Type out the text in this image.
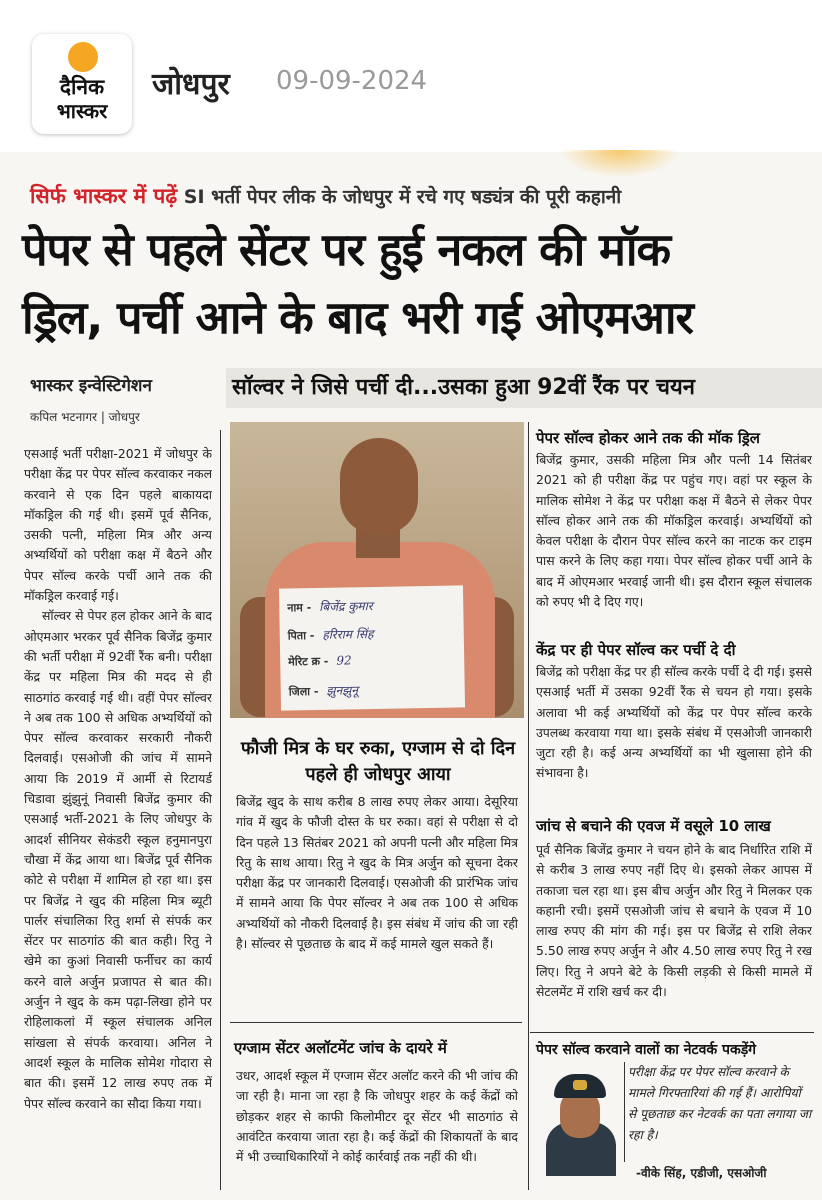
दैनिक
भास्कर
जोधपुर 09-09-2024
सिर्फ भास्कर में पढ़ें SI भर्ती पेपर लीक के जोधपुर में रचे गए षड्यंत्र की पूरी कहानी
पेपर से पहले सेंटर पर हुई नकल की मॉक
ड्रिल, पर्ची आने के बाद भरी गई ओएमआर
भास्कर इन्वेस्टिगेशन
कपिल भटनागर | जोधपुर
सॉल्वर ने जिसे पर्ची दी...उसका हुआ 92वीं रैंक पर चयन

एसआई भर्ती परीक्षा-2021 में जोधपुर के परीक्षा केंद्र पर पेपर सॉल्व करवाकर नकल करवाने से एक दिन पहले बाकायदा मॉकड्रिल की गई थी। इसमें पूर्व सैनिक, उसकी पत्नी, महिला मित्र और अन्य अभ्यर्थियों को परीक्षा कक्ष में बैठने और पेपर सॉल्व करके पर्ची आने तक की मॉकड्रिल करवाई गई।

सॉल्वर से पेपर हल होकर आने के बाद ओएमआर भरकर पूर्व सैनिक बिजेंद्र कुमार की भर्ती परीक्षा में 92वीं रैंक बनी। परीक्षा केंद्र पर महिला मित्र की मदद से ही साठगांठ करवाई गई थी। वहीं पेपर सॉल्वर ने अब तक 100 से अधिक अभ्यर्थियों को पेपर सॉल्व करवाकर सरकारी नौकरी दिलवाई। एसओजी की जांच में सामने आया कि 2019 में आर्मी से रिटायर्ड चिडावा झुंझुनूं निवासी बिजेंद्र कुमार की एसआई भर्ती-2021 के लिए जोधपुर के आदर्श सीनियर सेकंडरी स्कूल हनुमानपुरा चौखा में केंद्र आया था। बिजेंद्र पूर्व सैनिक कोटे से परीक्षा में शामिल हो रहा था। इस पर बिजेंद्र ने खुद की महिला मित्र ब्यूटी पार्लर संचालिका रितु शर्मा से संपर्क कर सेंटर पर साठगांठ की बात कही। रितु ने खेमे का कुआं निवासी फर्नीचर का कार्य करने वाले अर्जुन प्रजापत से बात की। अर्जुन ने खुद के कम पढ़ा-लिखा होने पर रोहिलाकलां में स्कूल संचालक अनिल सांखला से संपर्क करवाया। अनिल ने आदर्श स्कूल के मालिक सोमेश गोदारा से बात की। इसमें 12 लाख रुपए तक में पेपर सॉल्व करवाने का सौदा किया गया।

नाम - बिजेंद्र कुमार
पिता - हरिराम सिंह
मेरिट क्र - 92
जिला - झुनझुनू
फौजी मित्र के घर रुका, एग्जाम से दो दिन पहले ही जोधपुर आया

बिजेंद्र खुद के साथ करीब 8 लाख रुपए लेकर आया। देसूरिया गांव में खुद के फौजी दोस्त के घर रुका। वहां से परीक्षा से दो दिन पहले 13 सितंबर 2021 को अपनी पत्नी और महिला मित्र रितु के साथ आया। रितु ने खुद के मित्र अर्जुन को सूचना देकर परीक्षा केंद्र पर जानकारी दिलवाई। एसओजी की प्रारंभिक जांच में सामने आया कि पेपर सॉल्वर ने अब तक 100 से अधिक अभ्यर्थियों को नौकरी दिलवाई है। इस संबंध में जांच की जा रही है। सॉल्वर से पूछताछ के बाद में कई मामले खुल सकते हैं।

एग्जाम सेंटर अलॉटमेंट जांच के दायरे में

उधर, आदर्श स्कूल में एग्जाम सेंटर अलॉट करने की भी जांच की जा रही है। माना जा रहा है कि जोधपुर शहर के कई केंद्रों को छोड़कर शहर से काफी किलोमीटर दूर सेंटर भी साठगांठ से आवंटित करवाया जाता रहा है। कई केंद्रों की शिकायतों के बाद में भी उच्चाधिकारियों ने कोई कार्रवाई तक नहीं की थी।

पेपर सॉल्व होकर आने तक की मॉक ड्रिल

बिजेंद्र कुमार, उसकी महिला मित्र और पत्नी 14 सितंबर 2021 को ही परीक्षा केंद्र पर पहुंच गए। वहां पर स्कूल के मालिक सोमेश ने केंद्र पर परीक्षा कक्ष में बैठने से लेकर पेपर सॉल्व होकर आने तक की मॉकड्रिल करवाई। अभ्यर्थियों को केवल परीक्षा के दौरान पेपर सॉल्व करने का नाटक कर टाइम पास करने के लिए कहा गया। पेपर सॉल्व होकर पर्ची आने के बाद में ओएमआर भरवाई जानी थी। इस दौरान स्कूल संचालक को रुपए भी दे दिए गए।

केंद्र पर ही पेपर सॉल्व कर पर्ची दे दी

बिजेंद्र को परीक्षा केंद्र पर ही सॉल्व करके पर्ची दे दी गई। इससे एसआई भर्ती में उसका 92वीं रैंक से चयन हो गया। इसके अलावा भी कई अभ्यर्थियों को केंद्र पर पेपर सॉल्व करके उपलब्ध करवाया गया था। इसके संबंध में एसओजी जानकारी जुटा रही है। कई अन्य अभ्यर्थियों का भी खुलासा होने की संभावना है।

जांच से बचाने की एवज में वसूले 10 लाख

पूर्व सैनिक बिजेंद्र कुमार ने चयन होने के बाद निर्धारित राशि में से करीब 3 लाख रुपए नहीं दिए थे। इसको लेकर आपस में तकाजा चल रहा था। इस बीच अर्जुन और रितु ने मिलकर एक कहानी रची। इसमें एसओजी जांच से बचाने के एवज में 10 लाख रुपए की मांग की गई। इस पर बिजेंद्र से राशि लेकर 5.50 लाख रुपए अर्जुन ने और 4.50 लाख रुपए रितु ने रख लिए। रितु ने अपने बेटे के किसी लड़की से किसी मामले में सेटलमेंट में राशि खर्च कर दी।

पेपर सॉल्व करवाने वालों का नेटवर्क पकड़ेंगे
परीक्षा केंद्र पर पेपर सॉल्व करवाने के मामले गिरफ्तारियां की गई हैं। आरोपियों से पूछताछ कर नेटवर्क का पता लगाया जा रहा है।
-वीके सिंह, एडीजी, एसओजी
